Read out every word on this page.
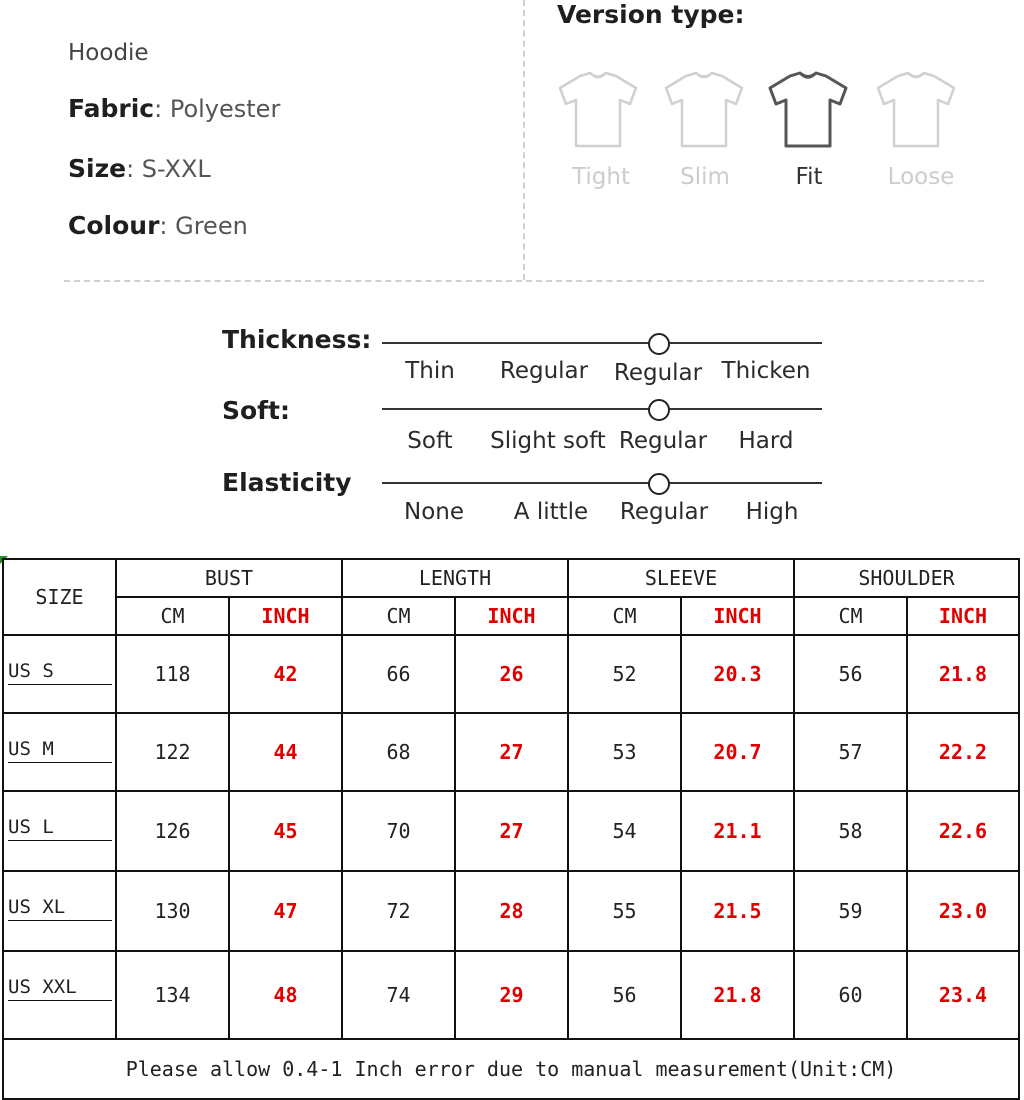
Hoodie
Fabric: Polyester
Size: S-XXL
Colour: Green
Version type:
Tight	Slim	Fit	Loose
Thickness:
Thin	Regular	Regular Thicken
Soft:
Soft	Slight soft Regular	Hard
Elasticity
None	A little	Regular	High
SIZE	BUST		LENGTH		SLEEVE		SHOULDER	
	CM	INCH	CM	INCH	CM	INCH	CM	INCH

US S	118	42	66	26	52	20.3	56	21.8

US M	122	44	68	27	53	20.7	57	22.2

US L	126	45	70	27	54	21.1	58	22.6

US XL	130	47	72	28	55	21.5	59	23.0

US XXL	134	48	74	29	56	21.8	60	23.4
Please allow 0.4-1 Inch error due to manual measurement(Unit:CM)								
